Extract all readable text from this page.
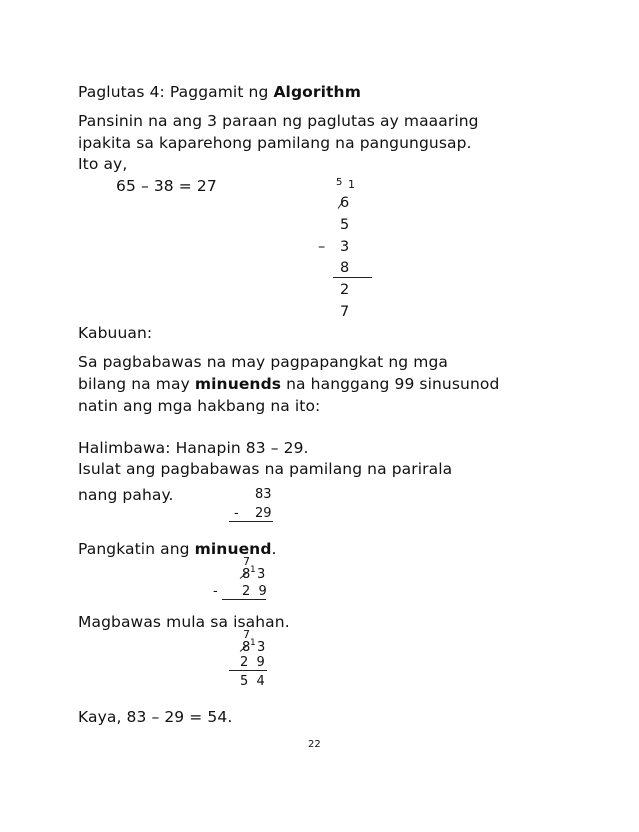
Paglutas 4: Paggamit ng Algorithm
Pansinin na ang 3 paraan ng paglutas ay maaaring
ipakita sa kaparehong pamilang na pangungusap.
Ito ay,
65 – 38 = 27	5 1
6
5
– 3
8
2
7
Kabuuan:
Sa pagbabawas na may pagpapangkat ng mga
bilang na may minuends na hanggang 99 sinusunod
natin ang mga hakbang na ito:
Halimbawa: Hanapin 83 – 29.
Isulat ang pagbabawas na pamilang na parirala
nang pahay.	83
- 29
Pangkatin ang minuend.
7
8 1 3
- 2  9
Magbawas mula sa isahan.
7
8 1 3
2  9
5  4
Kaya, 83 – 29 = 54.
22
